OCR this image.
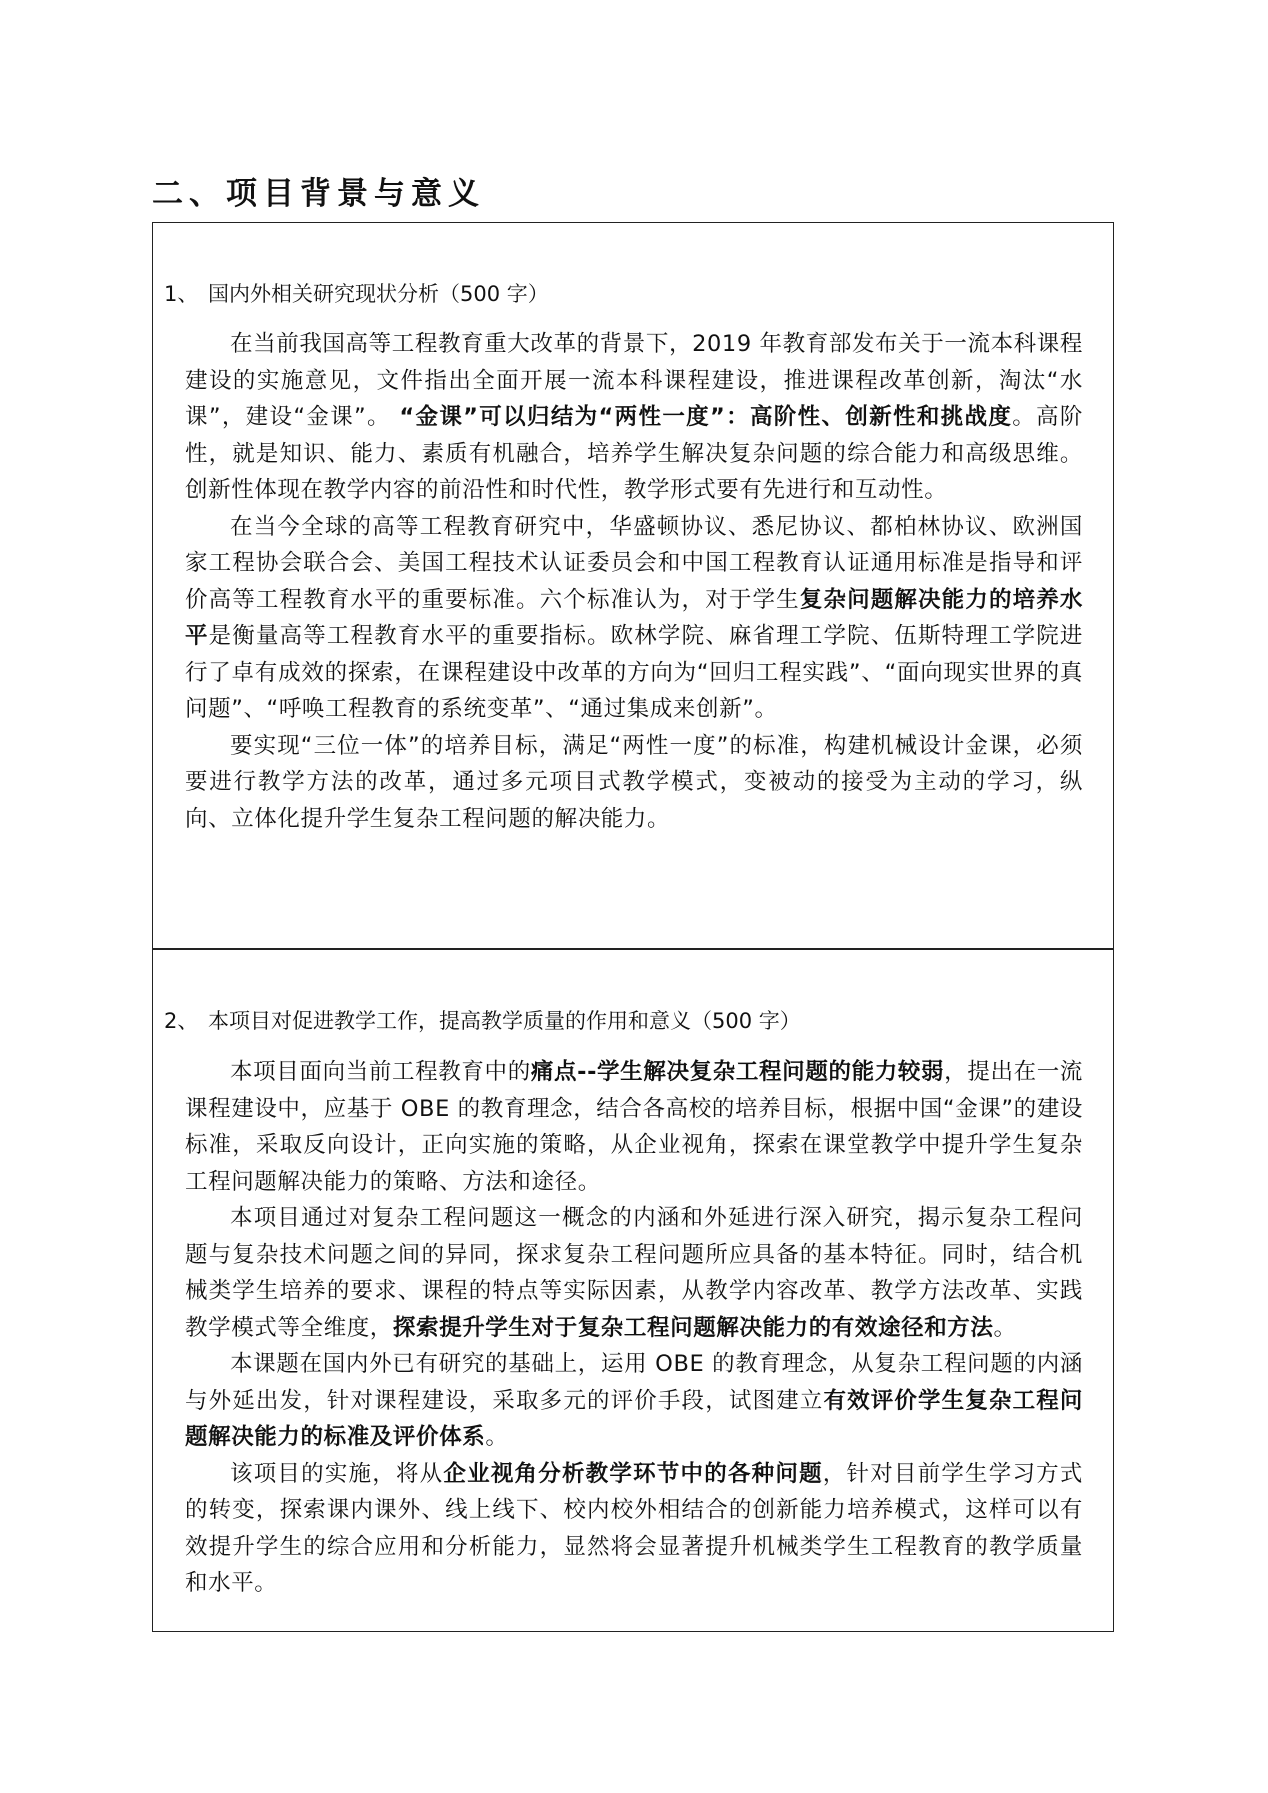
二、项目背景与意义
1、 国内外相关研究现状分析（500 字）

在当前我国高等工程教育重大改革的背景下，2019 年教育部发布关于一流本科课程建设的实施意见，文件指出全面开展一流本科课程建设，推进课程改革创新，淘汰“水课”，建设“金课”。 “金课”可以归结为“两性一度”：高阶性、创新性和挑战度。高阶性，就是知识、能力、素质有机融合，培养学生解决复杂问题的综合能力和高级思维。创新性体现在教学内容的前沿性和时代性，教学形式要有先进行和互动性。

在当今全球的高等工程教育研究中，华盛顿协议、悉尼协议、都柏林协议、欧洲国家工程协会联合会、美国工程技术认证委员会和中国工程教育认证通用标准是指导和评价高等工程教育水平的重要标准。六个标准认为，对于学生复杂问题解决能力的培养水平是衡量高等工程教育水平的重要指标。欧林学院、麻省理工学院、伍斯特理工学院进行了卓有成效的探索，在课程建设中改革的方向为“回归工程实践”、“面向现实世界的真问题”、“呼唤工程教育的系统变革”、“通过集成来创新”。

要实现“三位一体”的培养目标，满足“两性一度”的标准，构建机械设计金课，必须要进行教学方法的改革，通过多元项目式教学模式，变被动的接受为主动的学习，纵向、立体化提升学生复杂工程问题的解决能力。

2、 本项目对促进教学工作，提高教学质量的作用和意义（500 字）

本项目面向当前工程教育中的痛点--学生解决复杂工程问题的能力较弱，提出在一流课程建设中，应基于 OBE 的教育理念，结合各高校的培养目标，根据中国“金课”的建设标准，采取反向设计，正向实施的策略，从企业视角，探索在课堂教学中提升学生复杂工程问题解决能力的策略、方法和途径。

本项目通过对复杂工程问题这一概念的内涵和外延进行深入研究，揭示复杂工程问题与复杂技术问题之间的异同，探求复杂工程问题所应具备的基本特征。同时，结合机械类学生培养的要求、课程的特点等实际因素，从教学内容改革、教学方法改革、实践教学模式等全维度，探索提升学生对于复杂工程问题解决能力的有效途径和方法。

本课题在国内外已有研究的基础上，运用 OBE 的教育理念，从复杂工程问题的内涵与外延出发，针对课程建设，采取多元的评价手段，试图建立有效评价学生复杂工程问题解决能力的标准及评价体系。

该项目的实施，将从企业视角分析教学环节中的各种问题，针对目前学生学习方式的转变，探索课内课外、线上线下、校内校外相结合的创新能力培养模式，这样可以有效提升学生的综合应用和分析能力，显然将会显著提升机械类学生工程教育的教学质量和水平。
